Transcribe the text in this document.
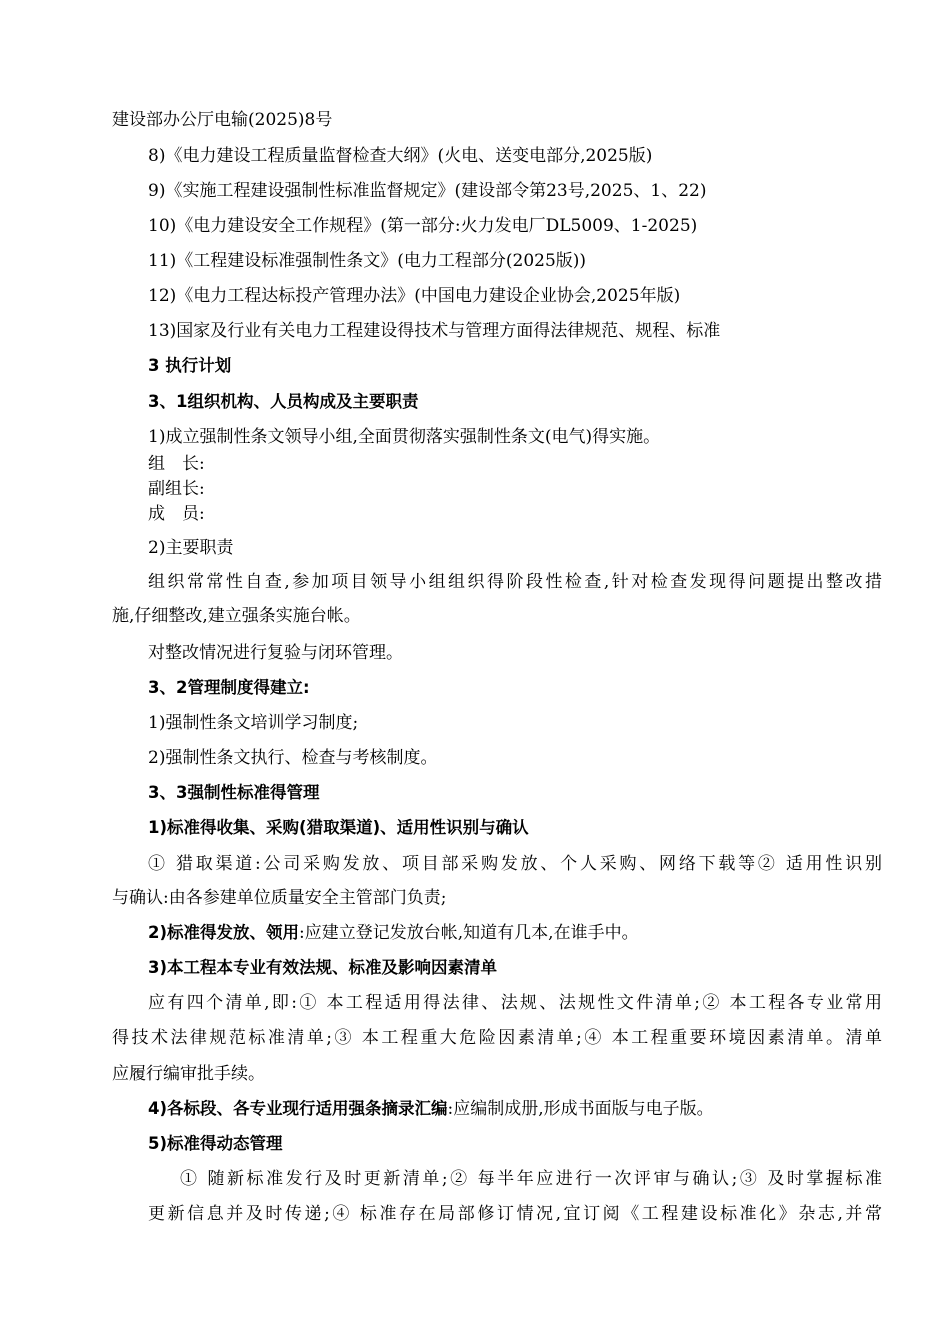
建设部办公厅电输(2025)8号
8)《电力建设工程质量监督检查大纲》(火电、送变电部分,2025版)
9)《实施工程建设强制性标准监督规定》(建设部令第23号,2025、1、22)
10)《电力建设安全工作规程》(第一部分:火力发电厂DL5009、1-2025)
11)《工程建设标准强制性条文》(电力工程部分(2025版))
12)《电力工程达标投产管理办法》(中国电力建设企业协会,2025年版)
13)国家及行业有关电力工程建设得技术与管理方面得法律规范、规程、标准
3 执行计划
3、1组织机构、人员构成及主要职责
1)成立强制性条文领导小组,全面贯彻落实强制性条文(电气)得实施。
组　长:
副组长:
成　员:
2)主要职责
组织常常性自查,参加项目领导小组组织得阶段性检查,针对检查发现得问题提出整改措
施,仔细整改,建立强条实施台帐。
对整改情况进行复验与闭环管理。
3、2管理制度得建立:
1)强制性条文培训学习制度;
2)强制性条文执行、检查与考核制度。
3、3强制性标准得管理
1)标准得收集、采购(猎取渠道)、适用性识别与确认
① 猎取渠道:公司采购发放、项目部采购发放、个人采购、网络下载等② 适用性识别
与确认:由各参建单位质量安全主管部门负责;
2)标准得发放、领用:应建立登记发放台帐,知道有几本,在谁手中。
3)本工程本专业有效法规、标准及影响因素清单
应有四个清单,即:① 本工程适用得法律、法规、法规性文件清单;② 本工程各专业常用
得技术法律规范标准清单;③ 本工程重大危险因素清单;④ 本工程重要环境因素清单。清单
应履行编审批手续。
4)各标段、各专业现行适用强条摘录汇编:应编制成册,形成书面版与电子版。
5)标准得动态管理
① 随新标准发行及时更新清单;② 每半年应进行一次评审与确认;③ 及时掌握标准
更新信息并及时传递;④ 标准存在局部修订情况,宜订阅《工程建设标准化》杂志,并常
